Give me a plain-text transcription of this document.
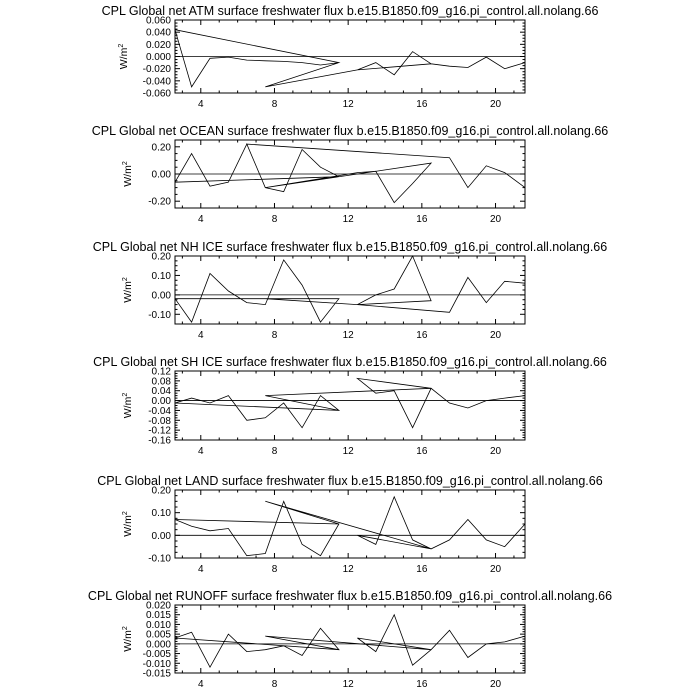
CPL Global net ATM surface freshwater flux b.e15.B1850.f09_g16.pi_control.all.nolang.66
-0.060
-0.040
-0.020
0.000
0.020
0.040
0.060
4	8	12	16	20
$W/m^2$
CPL Global net OCEAN surface freshwater flux b.e15.B1850.f09_g16.pi_control.all.nolang.66
-0.20
0.00
0.20
4	8	12	16	20
$W/m^2$
CPL Global net NH ICE surface freshwater flux b.e15.B1850.f09_g16.pi_control.all.nolang.66
-0.10
0.00
0.10
0.20
4	8	12	16	20
$W/m^2$
CPL Global net SH ICE surface freshwater flux b.e15.B1850.f09_g16.pi_control.all.nolang.66
-0.16
-0.12
-0.08
-0.04
0.00
0.04
0.08
0.12
4	8	12	16	20
$W/m^2$
CPL Global net LAND surface freshwater flux b.e15.B1850.f09_g16.pi_control.all.nolang.66
-0.10
0.00
0.10
0.20
4	8	12	16	20
$W/m^2$
CPL Global net RUNOFF surface freshwater flux b.e15.B1850.f09_g16.pi_control.all.nolang.66
-0.015
-0.010
-0.005
0.000
0.005
0.010
0.015
0.020
4	8	12	16	20
$W/m^2$
